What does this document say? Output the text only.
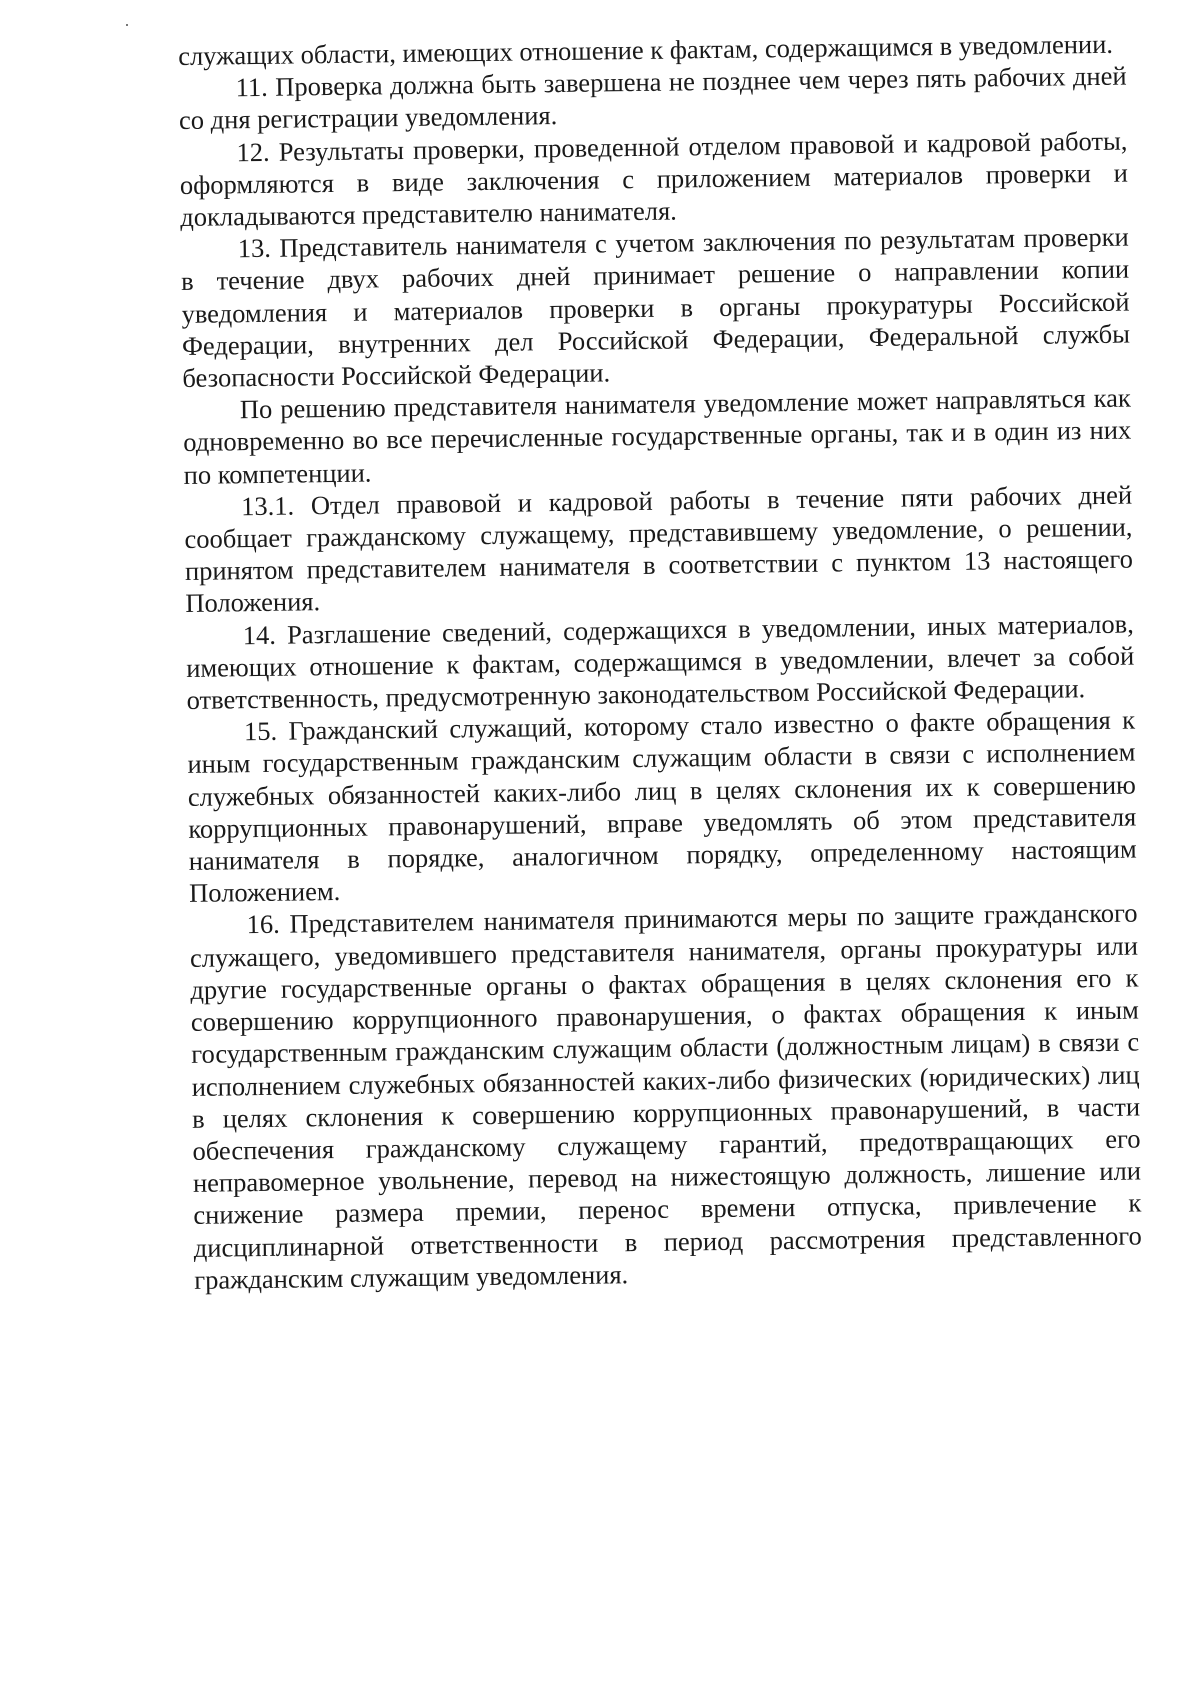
служащих области, имеющих отношение к фактам, содержащимся в уведомлении.

11. Проверка должна быть завершена не позднее чем через пять рабочих дней со дня регистрации уведомления.

12. Результаты проверки, проведенной отделом правовой и кадровой работы, оформляются в виде заключения с приложением материалов проверки и докладываются представителю нанимателя.

13. Представитель нанимателя с учетом заключения по результатам проверки в течение двух рабочих дней принимает решение о направлении копии уведомления и материалов проверки в органы прокуратуры Российской Федерации, внутренних дел Российской Федерации, Федеральной службы безопасности Российской Федерации.

По решению представителя нанимателя уведомление может направляться как одновременно во все перечисленные государственные органы, так и в один из них по компетенции.

13.1. Отдел правовой и кадровой работы в течение пяти рабочих дней сообщает гражданскому служащему, представившему уведомление, о решении, принятом представителем нанимателя в соответствии с пунктом 13 настоящего Положения.

14. Разглашение сведений, содержащихся в уведомлении, иных материалов, имеющих отношение к фактам, содержащимся в уведомлении, влечет за собой ответственность, предусмотренную законодательством Российской Федерации.

15. Гражданский служащий, которому стало известно о факте обращения к иным государственным гражданским служащим области в связи с исполнением служебных обязанностей каких-либо лиц в целях склонения их к совершению коррупционных правонарушений, вправе уведомлять об этом представителя нанимателя в порядке, аналогичном порядку, определенному настоящим Положением.

16. Представителем нанимателя принимаются меры по защите гражданского служащего, уведомившего представителя нанимателя, органы прокуратуры или другие государственные органы о фактах обращения в целях склонения его к совершению коррупционного правонарушения, о фактах обращения к иным государственным гражданским служащим области (должностным лицам) в связи с исполнением служебных обязанностей каких-либо физических (юридических) лиц в целях склонения к совершению коррупционных правонарушений, в части обеспечения гражданскому служащему гарантий, предотвращающих его неправомерное увольнение, перевод на нижестоящую должность, лишение или снижение размера премии, перенос времени отпуска, привлечение к дисциплинарной ответственности в период рассмотрения представленного гражданским служащим уведомления.
